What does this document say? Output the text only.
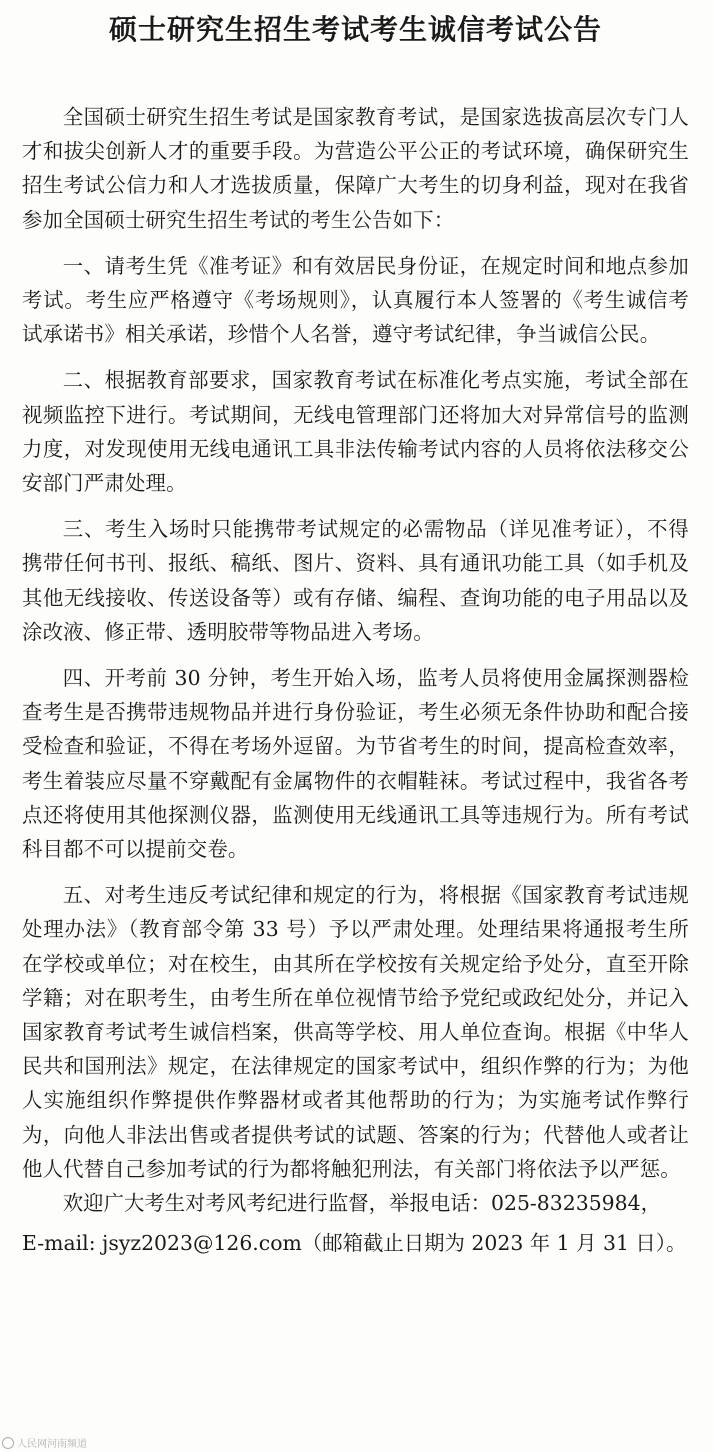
硕士研究生招生考试考生诚信考试公告

全国硕士研究生招生考试是国家教育考试，是国家选拔高层次专门人才和拔尖创新人才的重要手段。为营造公平公正的考试环境，确保研究生招生考试公信力和人才选拔质量，保障广大考生的切身利益，现对在我省参加全国硕士研究生招生考试的考生公告如下：

一、请考生凭《准考证》和有效居民身份证，在规定时间和地点参加考试。考生应严格遵守《考场规则》，认真履行本人签署的《考生诚信考试承诺书》相关承诺，珍惜个人名誉，遵守考试纪律，争当诚信公民。

二、根据教育部要求，国家教育考试在标准化考点实施，考试全部在视频监控下进行。考试期间，无线电管理部门还将加大对异常信号的监测力度，对发现使用无线电通讯工具非法传输考试内容的人员将依法移交公安部门严肃处理。

三、考生入场时只能携带考试规定的必需物品（详见准考证），不得携带任何书刊、报纸、稿纸、图片、资料、具有通讯功能工具（如手机及其他无线接收、传送设备等）或有存储、编程、查询功能的电子用品以及涂改液、修正带、透明胶带等物品进入考场。

四、开考前 30 分钟，考生开始入场，监考人员将使用金属探测器检查考生是否携带违规物品并进行身份验证，考生必须无条件协助和配合接受检查和验证，不得在考场外逗留。为节省考生的时间，提高检查效率，考生着装应尽量不穿戴配有金属物件的衣帽鞋袜。考试过程中，我省各考点还将使用其他探测仪器，监测使用无线通讯工具等违规行为。所有考试科目都不可以提前交卷。

五、对考生违反考试纪律和规定的行为，将根据《国家教育考试违规处理办法》（教育部令第 33 号）予以严肃处理。处理结果将通报考生所在学校或单位；对在校生，由其所在学校按有关规定给予处分，直至开除学籍；对在职考生，由考生所在单位视情节给予党纪或政纪处分，并记入国家教育考试考生诚信档案，供高等学校、用人单位查询。根据《中华人民共和国刑法》规定，在法律规定的国家考试中，组织作弊的行为；为他人实施组织作弊提供作弊器材或者其他帮助的行为；为实施考试作弊行为，向他人非法出售或者提供考试的试题、答案的行为；代替他人或者让他人代替自己参加考试的行为都将触犯刑法，有关部门将依法予以严惩。

欢迎广大考生对考风考纪进行监督，举报电话：025-83235984，

E-mail: jsyz2023@126.com（邮箱截止日期为 2023 年 1 月 31 日）。

人民网河南频道
